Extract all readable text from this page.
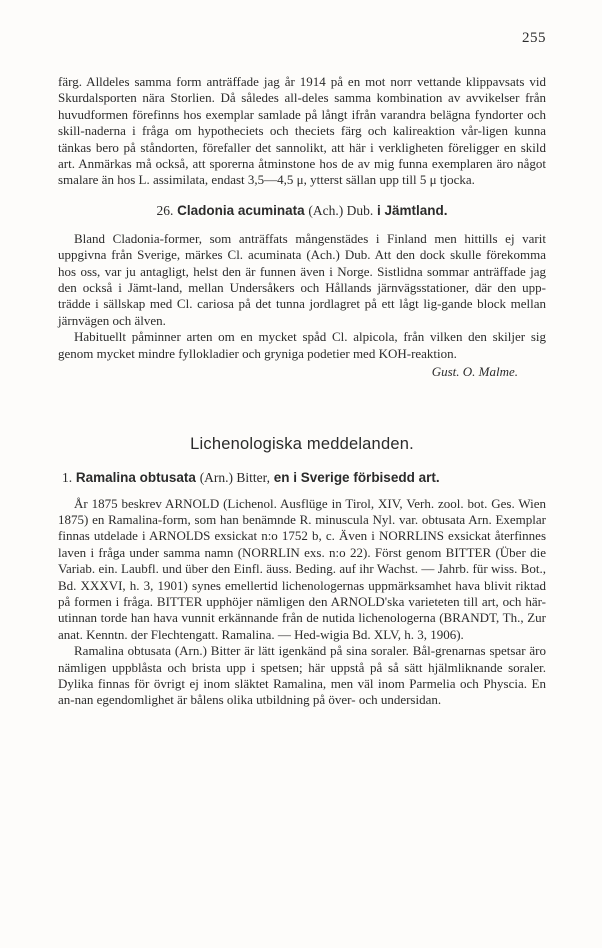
255

färg. Alldeles samma form anträffade jag år 1914 på en mot norr vettande klippavsats vid Skurdalsporten nära Storlien. Då således all-deles samma kombination av avvikelser från huvudformen förefinns hos exemplar samlade på långt ifrån varandra belägna fyndorter och skill-naderna i fråga om hypotheciets och theciets färg och kalireaktion vår-ligen kunna tänkas bero på ståndorten, förefaller det sannolikt, att här i verkligheten föreligger en skild art. Anmärkas må också, att sporerna åtminstone hos de av mig funna exemplaren äro något smalare än hos L. assimilata, endast 3,5—4,5 μ, ytterst sällan upp till 5 μ tjocka.

26. Cladonia acuminata (Ach.) Dub. i Jämtland.

Bland Cladonia-former, som anträffats mångenstädes i Finland men hittills ej varit uppgivna från Sverige, märkes Cl. acuminata (Ach.) Dub. Att den dock skulle förekomma hos oss, var ju antagligt, helst den är funnen även i Norge. Sistlidna sommar anträffade jag den också i Jämt-land, mellan Undersåkers och Hållands järnvägsstationer, där den upp-trädde i sällskap med Cl. cariosa på det tunna jordlagret på ett lågt lig-gande block mellan järnvägen och älven.

Habituellt påminner arten om en mycket spåd Cl. alpicola, från vilken den skiljer sig genom mycket mindre fyllokladier och gryniga podetier med KOH-reaktion.

Gust. O. Malme.
Lichenologiska meddelanden.
1. Ramalina obtusata (Arn.) Bitter, en i Sverige förbisedd art.

År 1875 beskrev ARNOLD (Lichenol. Ausflüge in Tirol, XIV, Verh. zool. bot. Ges. Wien 1875) en Ramalina-form, som han benämnde R. minuscula Nyl. var. obtusata Arn. Exemplar finnas utdelade i ARNOLDS exsickat n:o 1752 b, c. Även i NORRLINS exsickat återfinnes laven i fråga under samma namn (NORRLIN exs. n:o 22). Först genom BITTER (Über die Variab. ein. Laubfl. und über den Einfl. äuss. Beding. auf ihr Wachst. — Jahrb. für wiss. Bot., Bd. XXXVI, h. 3, 1901) synes emellertid lichenologernas uppmärksamhet hava blivit riktad på formen i fråga. BITTER upphöjer nämligen den ARNOLD'ska varieteten till art, och här-utinnan torde han hava vunnit erkännande från de nutida lichenologerna (BRANDT, Th., Zur anat. Kenntn. der Flechtengatt. Ramalina. — Hed-wigia Bd. XLV, h. 3, 1906).

Ramalina obtusata (Arn.) Bitter är lätt igenkänd på sina soraler. Bål-grenarnas spetsar äro nämligen uppblåsta och brista upp i spetsen; här uppstå på så sätt hjälmliknande soraler. Dylika finnas för övrigt ej inom släktet Ramalina, men väl inom Parmelia och Physcia. En an-nan egendomlighet är bålens olika utbildning på över- och undersidan.
